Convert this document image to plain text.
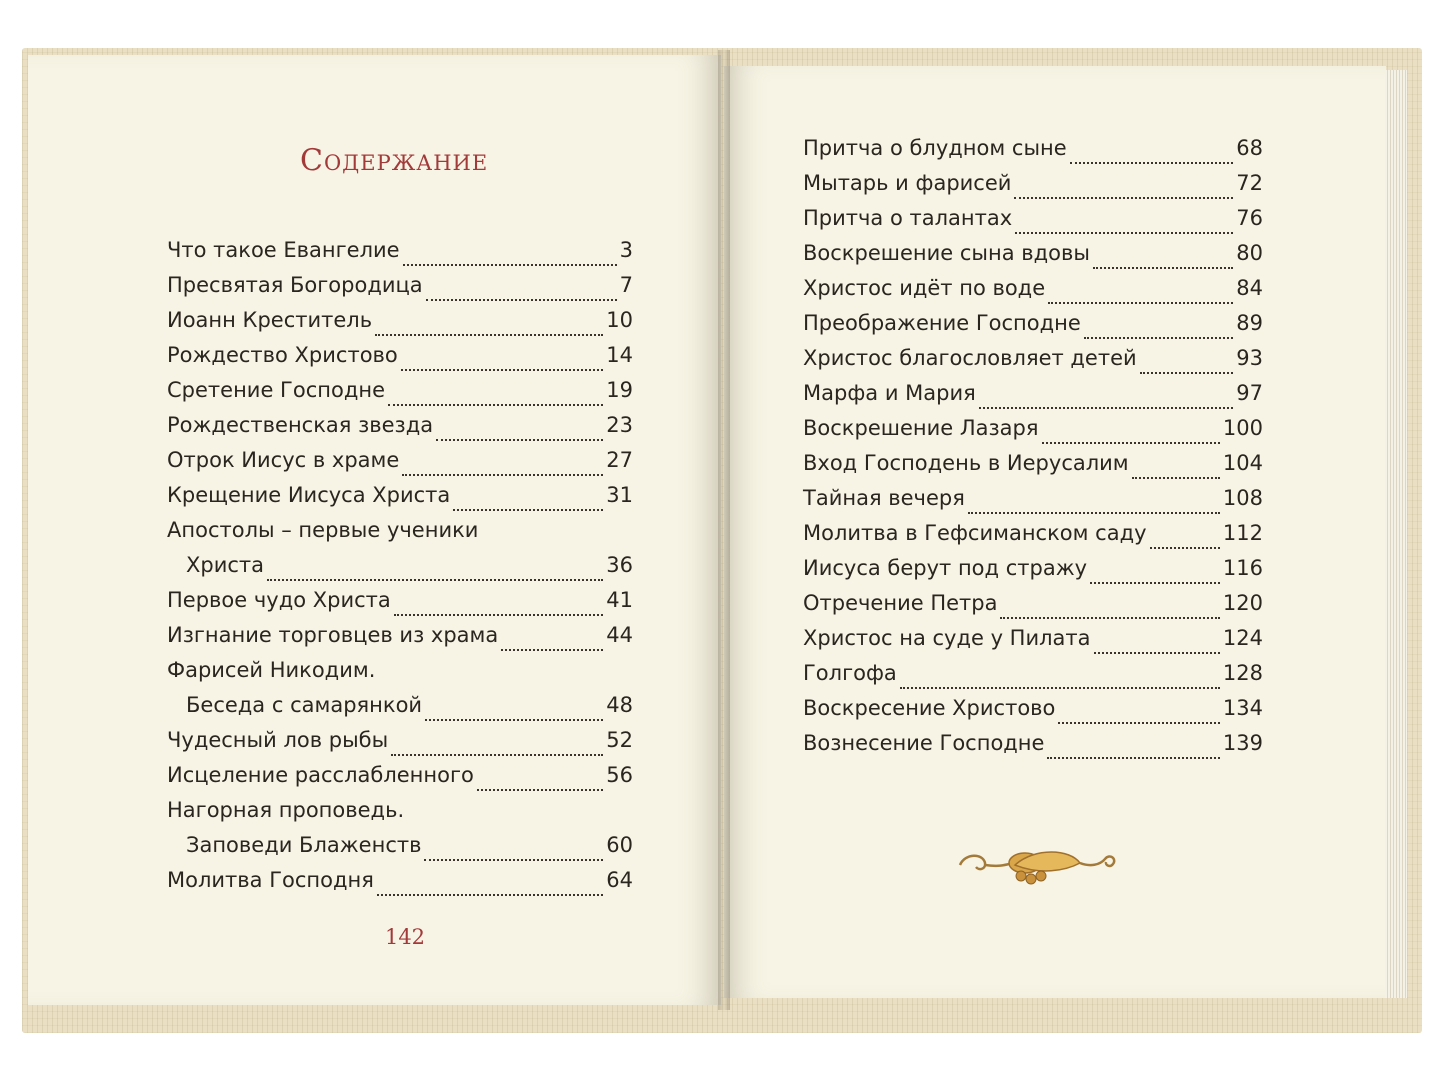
Содержание
Что такое Евангелие	3
Пресвятая Богородица	7
Иоанн Креститель	10
Рождество Христово	14
Сретение Господне	19
Рождественская звезда	23
Отрок Иисус в храме	27
Крещение Иисуса Христа	31
Апостолы – первые ученики
Христа	36
Первое чудо Христа	41
Изгнание торговцев из храма	44
Фарисей Никодим.
Беседа с самарянкой	48
Чудесный лов рыбы	52
Исцеление расслабленного	56
Нагорная проповедь.
Заповеди Блаженств	60
Молитва Господня	64
142
Притча о блудном сыне	68
Мытарь и фарисей	72
Притча о талантах	76
Воскрешение сына вдовы	80
Христос идёт по воде	84
Преображение Господне	89
Христос благословляет детей	93
Марфа и Мария	97
Воскрешение Лазаря	100
Вход Господень в Иерусалим	104
Тайная вечеря	108
Молитва в Гефсиманском саду	112
Иисуса берут под стражу	116
Отречение Петра	120
Христос на суде у Пилата	124
Голгофа	128
Воскресение Христово	134
Вознесение Господне	139
